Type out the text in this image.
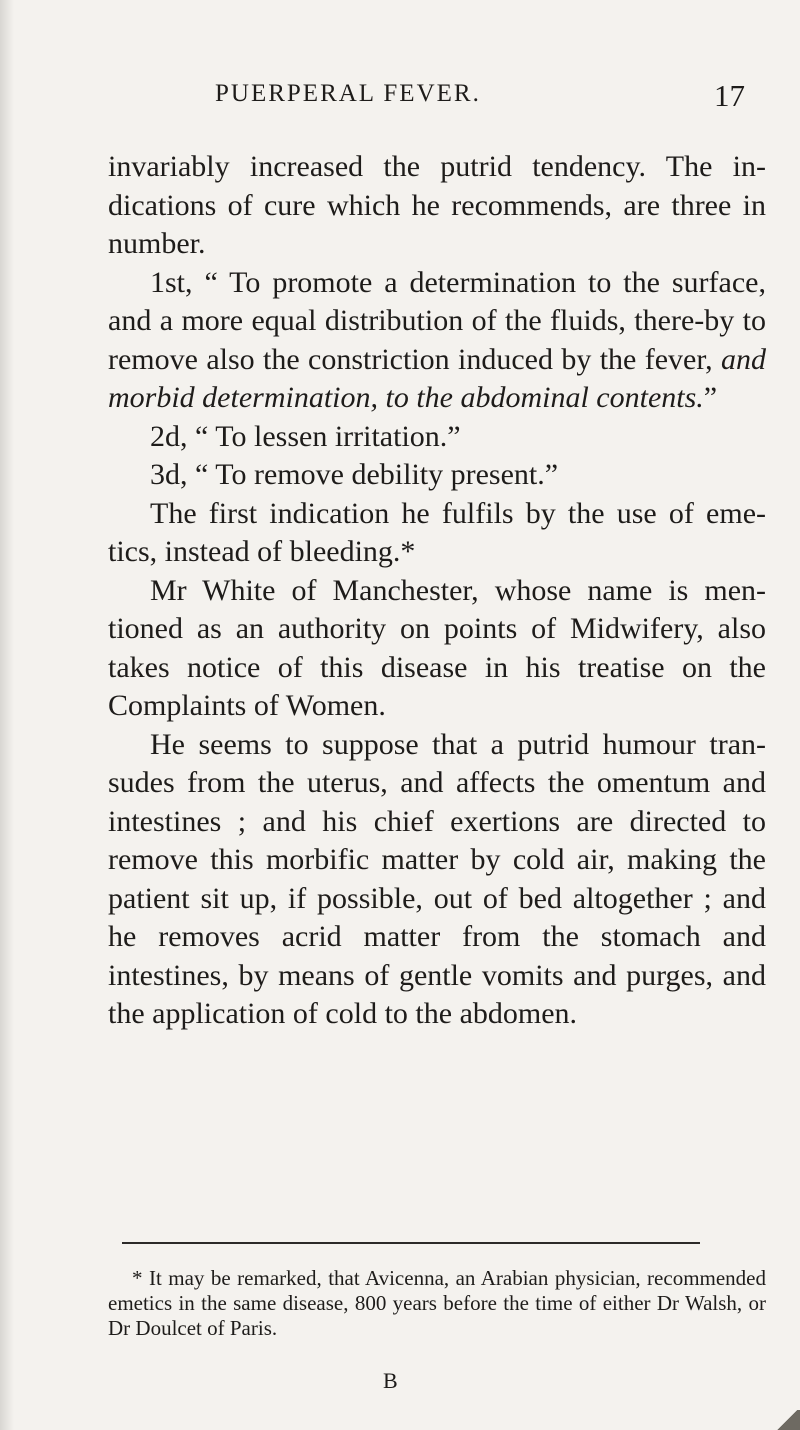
PUERPERAL FEVER.	17

invariably increased the putrid tendency. The in-dications of cure which he recommends, are three in number.

1st, “ To promote a determination to the surface, and a more equal distribution of the fluids, there-by to remove also the constriction induced by the fever, and morbid determination, to the abdominal contents.”

2d, “ To lessen irritation.”

3d, “ To remove debility present.”

The first indication he fulfils by the use of eme-tics, instead of bleeding.*

Mr White of Manchester, whose name is men-tioned as an authority on points of Midwifery, also takes notice of this disease in his treatise on the Complaints of Women.

He seems to suppose that a putrid humour tran-sudes from the uterus, and affects the omentum and intestines ; and his chief exertions are directed to remove this morbific matter by cold air, making the patient sit up, if possible, out of bed altogether ; and he removes acrid matter from the stomach and intestines, by means of gentle vomits and purges, and the application of cold to the abdomen.

* It may be remarked, that Avicenna, an Arabian physician, recommended emetics in the same disease, 800 years before the time of either Dr Walsh, or Dr Doulcet of Paris.

B
